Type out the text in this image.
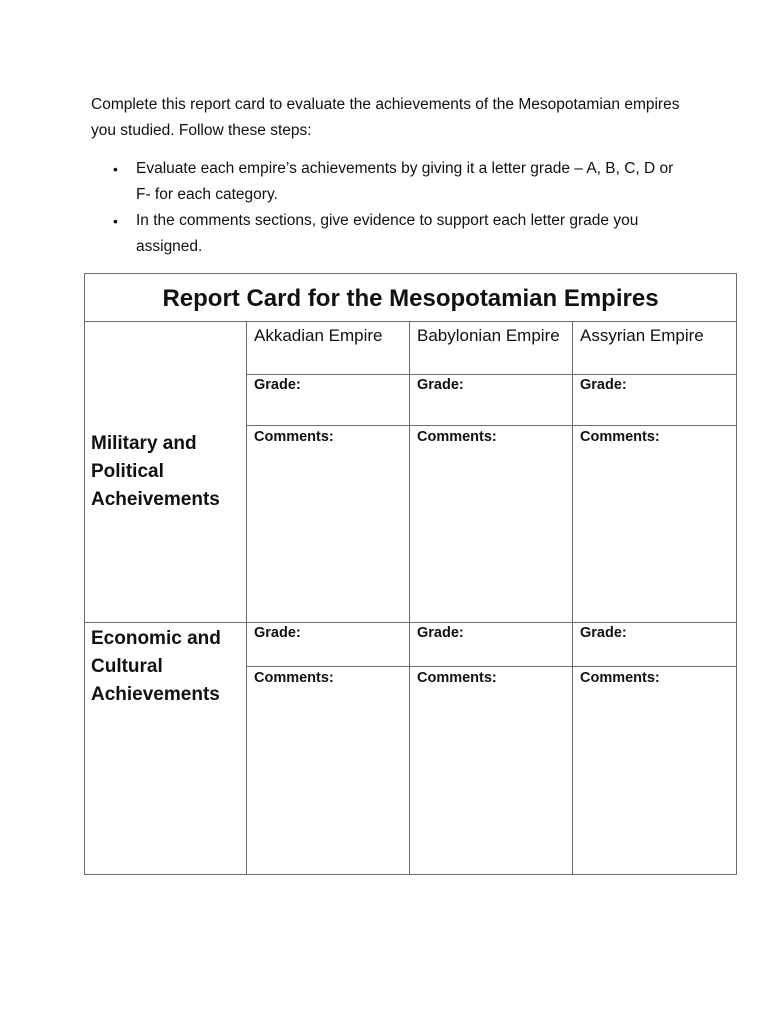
Complete this report card to evaluate the achievements of the Mesopotamian empires you studied. Follow these steps:

• Evaluate each empire’s achievements by giving it a letter grade – A, B, C, D or F- for each category.
• In the comments sections, give evidence to support each letter grade you assigned.
Report Card for the Mesopotamian Empires			
Military and Political Acheivements	Akkadian Empire	Babylonian Empire	Assyrian Empire
	Grade:	Grade:	Grade:
	Comments:	Comments:	Comments:
Economic and Cultural Achievements	Grade:	Grade:	Grade:
	Comments:	Comments:	Comments:
